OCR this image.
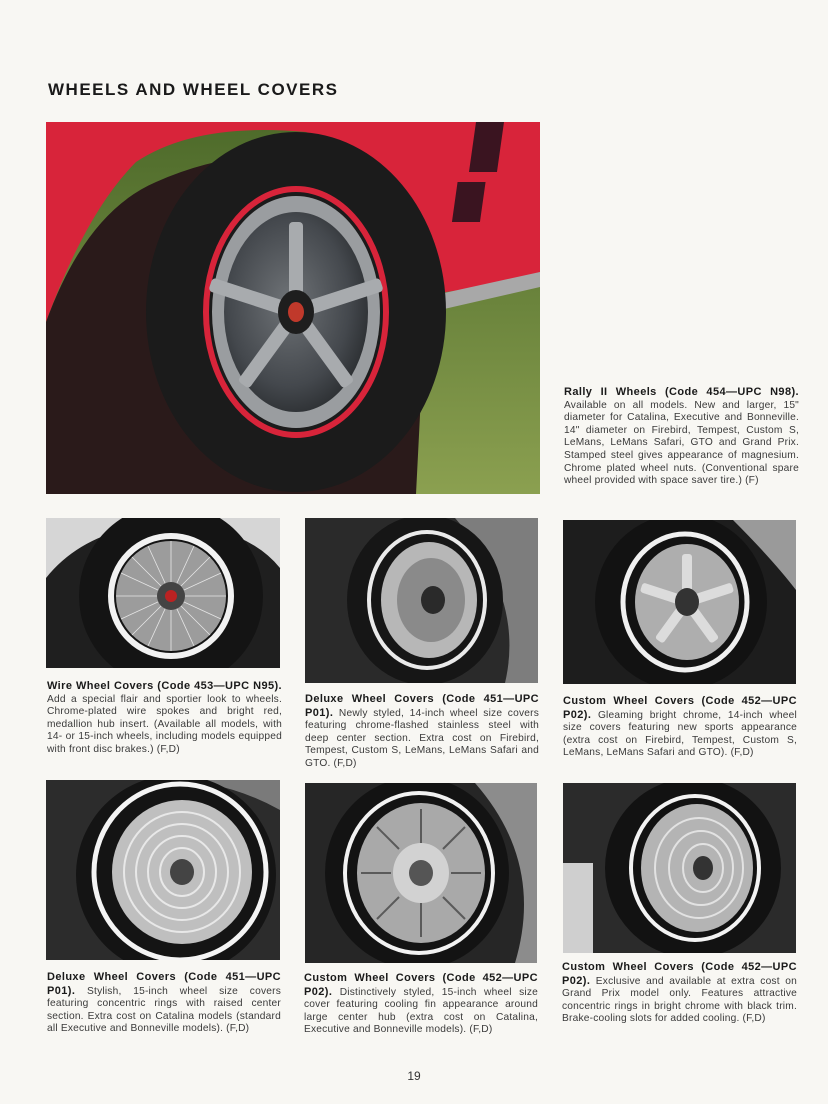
WHEELS AND WHEEL COVERS
Rally II Wheels (Code 454—UPC N98). Available on all models. New and larger, 15" diameter for Catalina, Executive and Bonneville. 14" diameter on Firebird, Tempest, Custom S, LeMans, LeMans Safari, GTO and Grand Prix. Stamped steel gives appearance of magnesium. Chrome plated wheel nuts. (Conventional spare wheel provided with space saver tire.) (F)
Wire Wheel Covers (Code 453—UPC N95). Add a special flair and sportier look to wheels. Chrome-plated wire spokes and bright red, medallion hub insert. (Available all models, with 14- or 15-inch wheels, including models equipped with front disc brakes.) (F,D)
Deluxe Wheel Covers (Code 451—UPC P01). Newly styled, 14-inch wheel size covers featuring chrome-flashed stainless steel with deep center section. Extra cost on Firebird, Tempest, Custom S, LeMans, LeMans Safari and GTO. (F,D)
Custom Wheel Covers (Code 452—UPC P02). Gleaming bright chrome, 14-inch wheel size covers featuring new sports appearance (extra cost on Firebird, Tempest, Custom S, LeMans, LeMans Safari and GTO). (F,D)
Deluxe Wheel Covers (Code 451—UPC P01). Stylish, 15-inch wheel size covers featuring concentric rings with raised center section. Extra cost on Catalina models (standard all Executive and Bonneville models). (F,D)
Custom Wheel Covers (Code 452—UPC P02). Distinctively styled, 15-inch wheel size cover featuring cooling fin appearance around large center hub (extra cost on Catalina, Executive and Bonneville models). (F,D)
Custom Wheel Covers (Code 452—UPC P02). Exclusive and available at extra cost on Grand Prix model only. Features attractive concentric rings in bright chrome with black trim. Brake-cooling slots for added cooling. (F,D)
19
